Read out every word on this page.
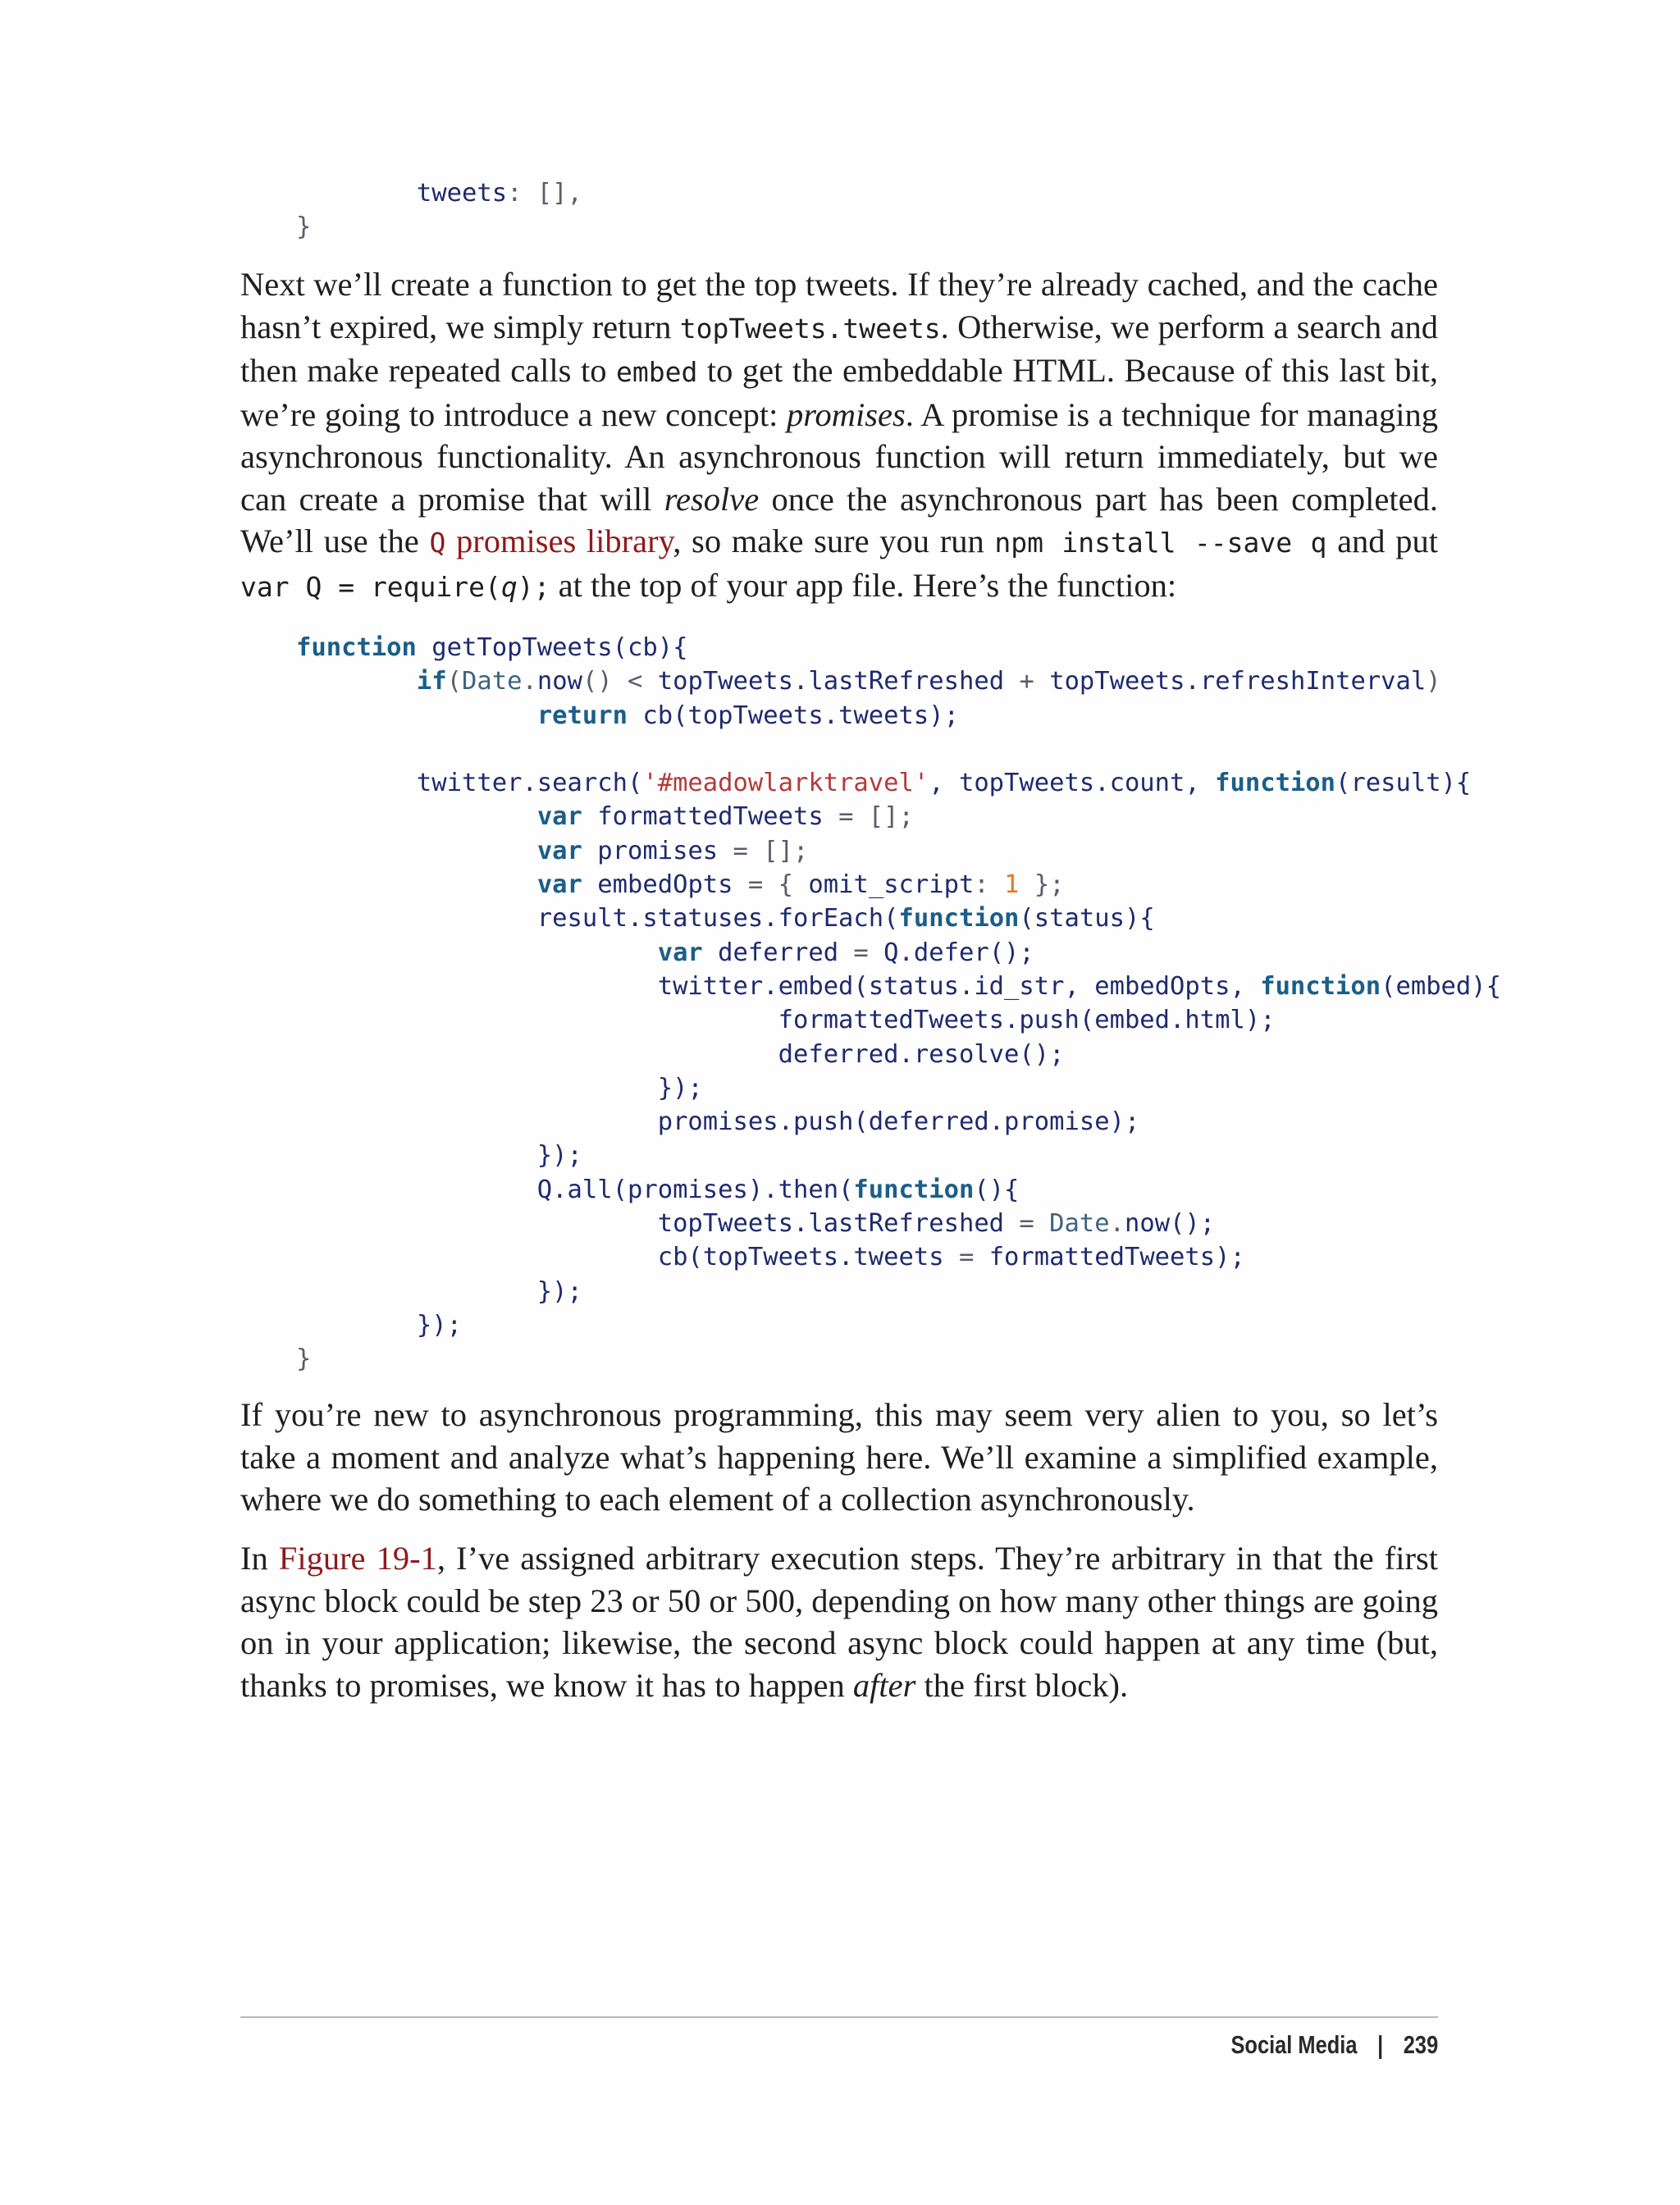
tweets: [],
}

Next we’ll create a function to get the top tweets. If they’re already cached, and the cache hasn’t expired, we simply return topTweets.tweets. Otherwise, we perform a search and then make repeated calls to embed to get the embeddable HTML. Because of this last bit, we’re going to introduce a new concept: promises. A promise is a technique for managing asynchronous functionality. An asynchronous function will return immediately, but we can create a promise that will resolve once the asynchronous part has been completed. We’ll use the Q promises library, so make sure you run npm install --save q and put var Q = require(q); at the top of your app file. Here’s the function:

function getTopTweets(cb){
if(Date.now() < topTweets.lastRefreshed + topTweets.refreshInterval)
return cb(topTweets.tweets);

twitter.search('#meadowlarktravel', topTweets.count, function(result){
var formattedTweets = [];
var promises = [];
var embedOpts = { omit_script: 1 };
result.statuses.forEach(function(status){
var deferred = Q.defer();
twitter.embed(status.id_str, embedOpts, function(embed){
formattedTweets.push(embed.html);
deferred.resolve();
});
promises.push(deferred.promise);
});
Q.all(promises).then(function(){
topTweets.lastRefreshed = Date.now();
cb(topTweets.tweets = formattedTweets);
});
});
}

If you’re new to asynchronous programming, this may seem very alien to you, so let’s take a moment and analyze what’s happening here. We’ll examine a simplified example, where we do something to each element of a collection asynchronously.

In Figure 19-1, I’ve assigned arbitrary execution steps. They’re arbitrary in that the first async block could be step 23 or 50 or 500, depending on how many other things are going on in your application; likewise, the second async block could happen at any time (but, thanks to promises, we know it has to happen after the first block).

Social Media | 239
